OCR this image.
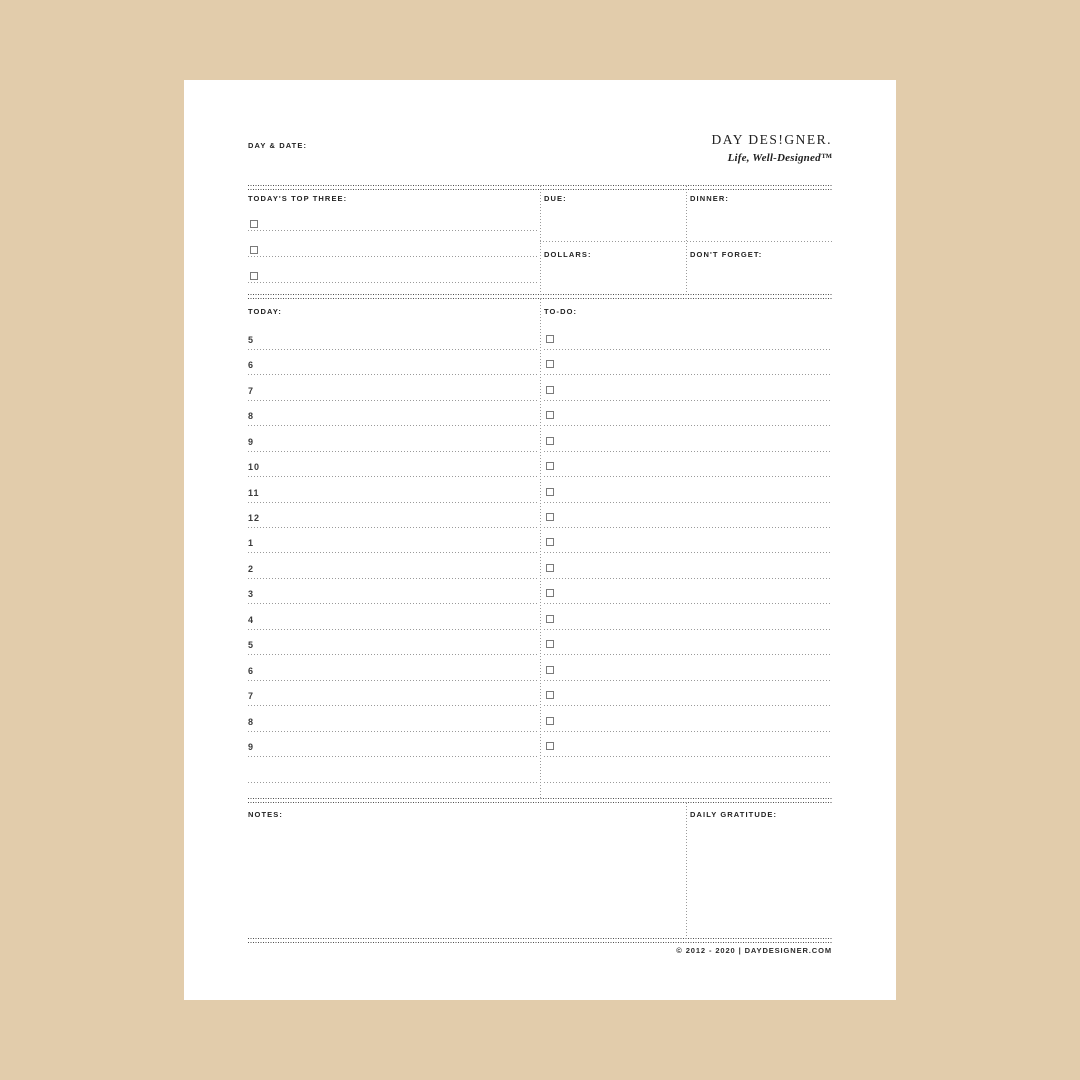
DAY & DATE:	DAY DES!GNER.
Life, Well-Designed™
TODAY'S TOP THREE:	DUE:	DINNER:
DOLLARS:	DON'T FORGET:
TODAY:	TO-DO:
5
6
7
8
9
10
11
12
1
2
3
4
5
6
7
8
9
NOTES:	DAILY GRATITUDE:
© 2012 - 2020 | DAYDESIGNER.COM
